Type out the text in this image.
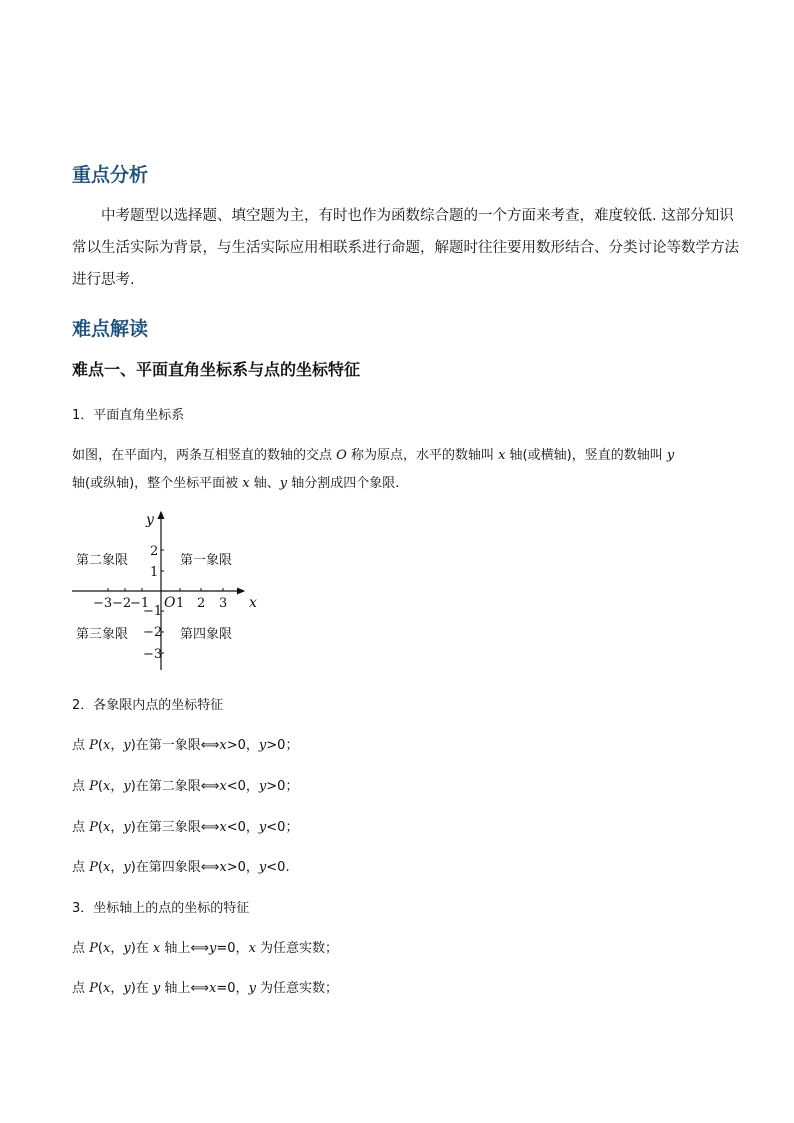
重点分析

中考题型以选择题、填空题为主，有时也作为函数综合题的一个方面来考查，难度较低. 这部分知识常以生活实际为背景，与生活实际应用相联系进行命题，解题时往往要用数形结合、分类讨论等数学方法进行思考.

难点解读
难点一、平面直角坐标系与点的坐标特征

1．平面直角坐标系

如图，在平面内，两条互相竖直的数轴的交点 O 称为原点，水平的数轴叫 x 轴(或横轴)，竖直的数轴叫 y

轴(或纵轴)，整个坐标平面被 x 轴、y 轴分割成四个象限.

x
y
O
−3 −2
−1 1 2 3
2
1
−1
−2
−3
第一象限
第二象限
第三象限	第四象限

2．各象限内点的坐标特征

点 P(x，y)在第一象限⟺x>0，y>0；

点 P(x，y)在第二象限⟺x<0，y>0；

点 P(x，y)在第三象限⟺x<0，y<0；

点 P(x，y)在第四象限⟺x>0，y<0.

3．坐标轴上的点的坐标的特征

点 P(x，y)在 x 轴上⟺y=0，x 为任意实数；

点 P(x，y)在 y 轴上⟺x=0，y 为任意实数；
